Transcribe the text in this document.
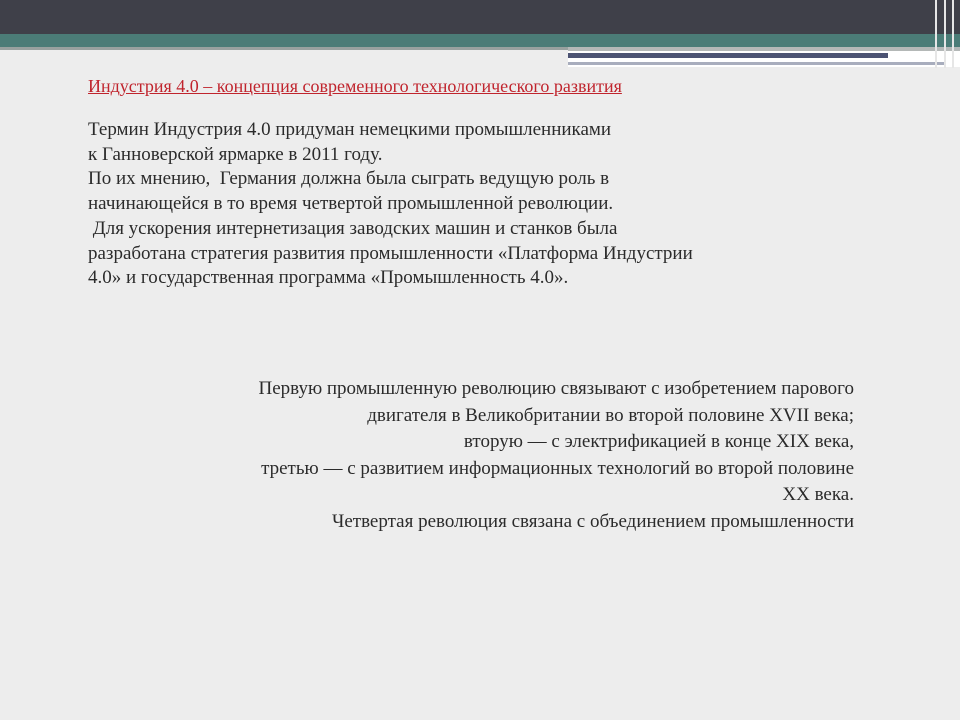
Индустрия 4.0 – концепция современного технологического развития
Термин Индустрия 4.0 придуман немецкими промышленниками
к Ганноверской ярмарке в 2011 году.
По их мнению,  Германия должна была сыграть ведущую роль в
начинающейся в то время четвертой промышленной революции.
Для ускорения интернетизация заводских машин и станков была
разработана стратегия развития промышленности «Платформа Индустрии
4.0» и государственная программа «Промышленность 4.0».
Первую промышленную революцию связывают с изобретением парового
двигателя в Великобритании во второй половине XVII века;
вторую — с электрификацией в конце XIX века,
третью — с развитием информационных технологий во второй половине
XX века.
Четвертая революция связана с объединением промышленности
